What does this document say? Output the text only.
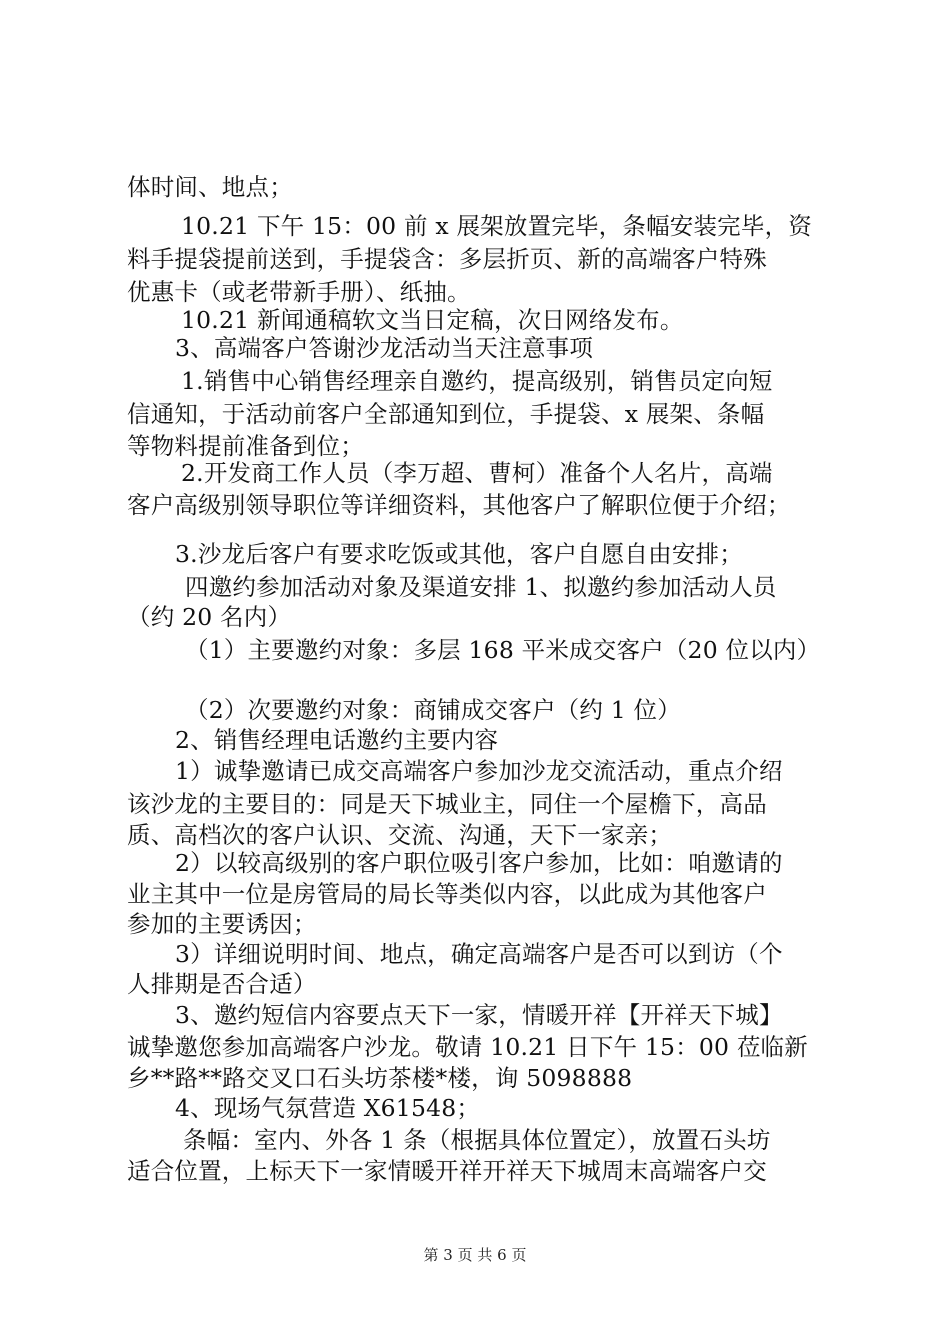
体时间、地点；
10.21 下午 15：00 前 x 展架放置完毕，条幅安装完毕，资
料手提袋提前送到，手提袋含：多层折页、新的高端客户特殊
优惠卡（或老带新手册）、纸抽。
10.21 新闻通稿软文当日定稿，次日网络发布。
3、高端客户答谢沙龙活动当天注意事项
1.销售中心销售经理亲自邀约，提高级别，销售员定向短
信通知，于活动前客户全部通知到位，手提袋、x 展架、条幅
等物料提前准备到位；
2.开发商工作人员（李万超、曹柯）准备个人名片，高端
客户高级别领导职位等详细资料，其他客户了解职位便于介绍；
3.沙龙后客户有要求吃饭或其他，客户自愿自由安排；
四邀约参加活动对象及渠道安排 1、拟邀约参加活动人员
（约 20 名内）
（1）主要邀约对象：多层 168 平米成交客户（20 位以内）
（2）次要邀约对象：商铺成交客户（约 1 位）
2、销售经理电话邀约主要内容
1）诚挚邀请已成交高端客户参加沙龙交流活动，重点介绍
该沙龙的主要目的：同是天下城业主，同住一个屋檐下，高品
质、高档次的客户认识、交流、沟通，天下一家亲；
2）以较高级别的客户职位吸引客户参加，比如：咱邀请的
业主其中一位是房管局的局长等类似内容，以此成为其他客户
参加的主要诱因；
3）详细说明时间、地点，确定高端客户是否可以到访（个
人排期是否合适）
3、邀约短信内容要点天下一家，情暖开祥【开祥天下城】
诚挚邀您参加高端客户沙龙。敬请 10.21 日下午 15：00 莅临新
乡**路**路交叉口石头坊茶楼*楼，询 5098888
4、现场气氛营造 X61548；
条幅：室内、外各 1 条（根据具体位置定），放置石头坊
适合位置，上标天下一家情暖开祥开祥天下城周末高端客户交
第 3 页 共 6 页
